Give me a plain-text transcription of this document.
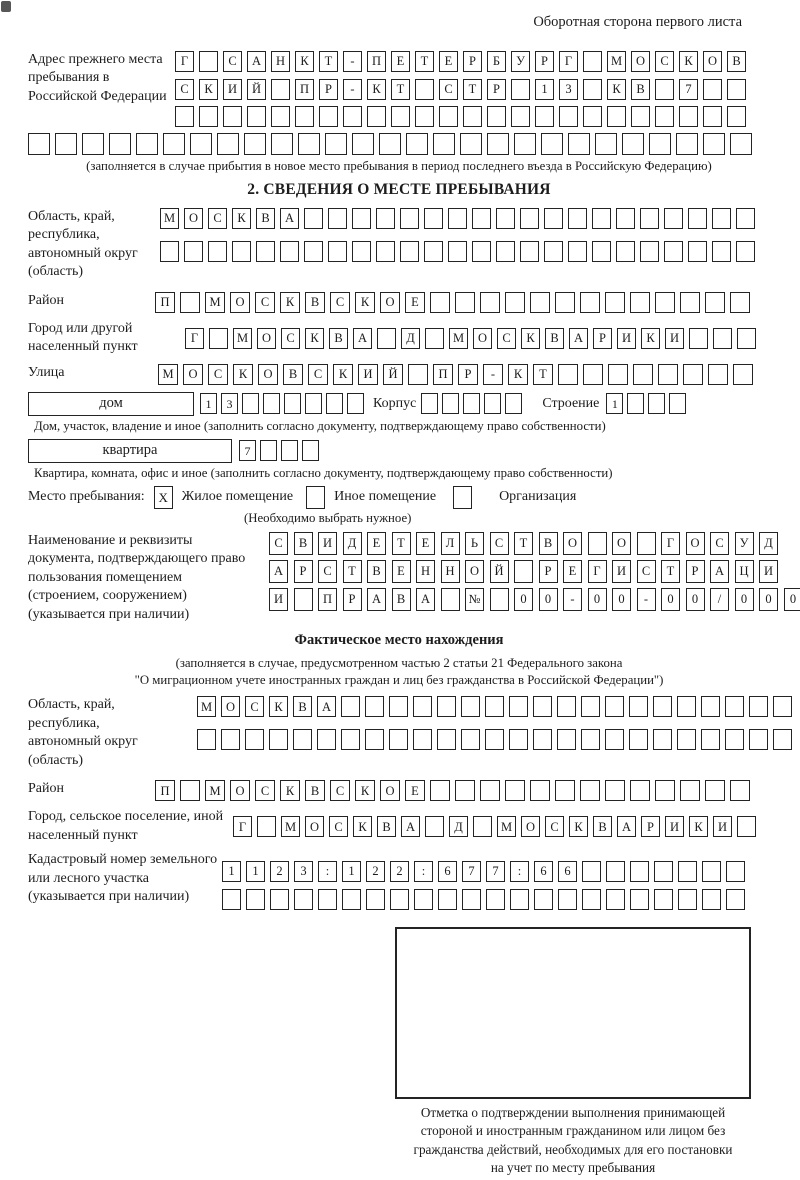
Оборотная сторона первого листа
Адрес прежнего места пребывания в Российской Федерации
Г	С	А	Н	К	Т	-	П	Е	Т	Е	Р	Б	У	Р	Г	М	О	С	К	О	В
С	К	И	Й	П	Р	-	К	Т	С	Т	Р	1	3	К	В	7
(заполняется в случае прибытия в новое место пребывания в период последнего въезда в Российскую Федерацию)
2. СВЕДЕНИЯ О МЕСТЕ ПРЕБЫВАНИЯ
Область, край, республика, автономный округ (область)
М	О	С	К	В	А
Район	П	М	О	С	К	В	С	К	О	Е
Город или другой населенный пункт
Г	М	О	С	К	В	А	Д	М	О	С	К	В	А	Р	И	К	И
Улица	М	О	С	К	О	В	С	К	И	Й	П	Р	-	К	Т
дом	1	3	Корпус	Строение	1
Дом, участок, владение и иное (заполнить согласно документу, подтверждающему право собственности)
квартира	7
Квартира, комната, офис и иное (заполнить согласно документу, подтверждающему право собственности)
Место пребывания:	X Жилое помещение	Иное помещение	Организация
(Необходимо выбрать нужное)
Наименование и реквизиты документа, подтверждающего право пользования помещением (строением, сооружением) (указывается при наличии)
С	В	И	Д	Е	Т	Е	Л	Ь	С	Т	В	О	О	Г	О	С	У	Д
А	Р	С	Т	В	Е	Н	Н	О	Й	Р	Е	Г	И	С	Т	Р	А	Ц	И
И	П	Р	А	В	А	№	0	0	-	0	0	-	0	0	/	0	0	0
Фактическое место нахождения
(заполняется в случае, предусмотренном частью 2 статьи 21 Федерального закона
"О миграционном учете иностранных граждан и лиц без гражданства в Российской Федерации")
Область, край, республика, автономный округ (область)
М	О	С	К	В	А
Район	П	М	О	С	К	В	С	К	О	Е
Город, сельское поселение, иной населенный пункт
Г	М	О	С	К	В	А	Д	М	О	С	К	В	А	Р	И	К	И
Кадастровый номер земельного или лесного участка (указывается при наличии)
1	1	2	3	:	1	2	2	:	6	7	7	:	6	6
Отметка о подтверждении выполнения принимающей
стороной и иностранным гражданином или лицом без
гражданства действий, необходимых для его постановки
на учет по месту пребывания
